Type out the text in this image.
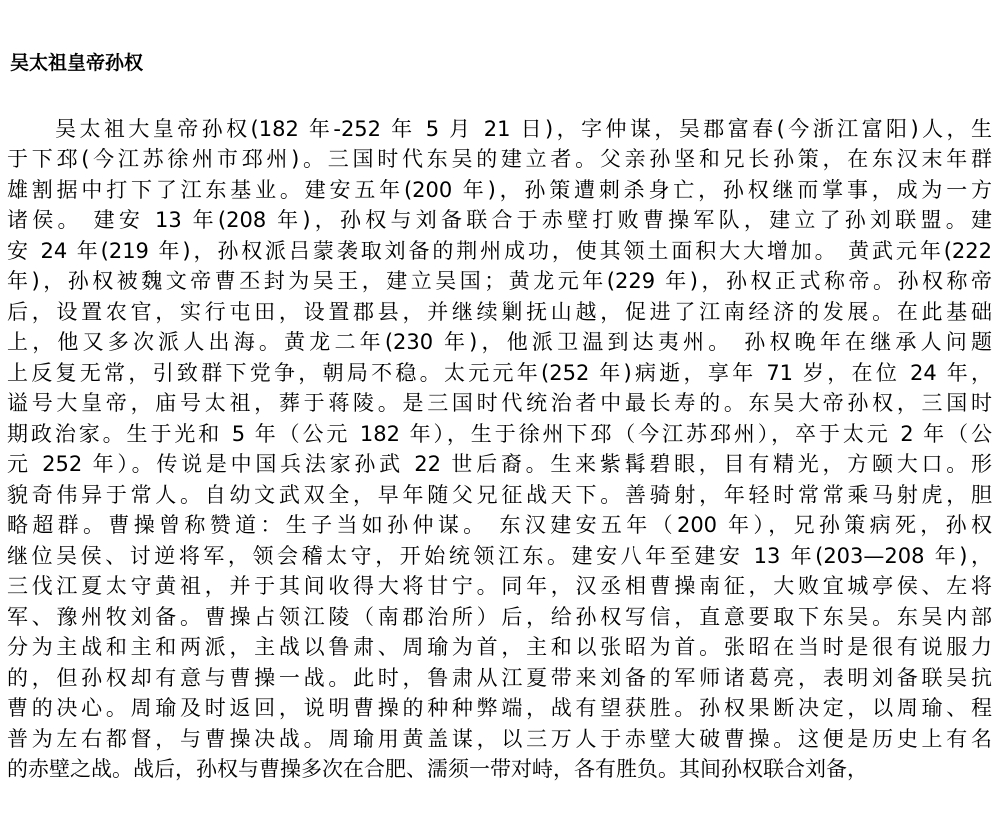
吴太祖皇帝孙权
吴太祖大皇帝孙权(182 年-252 年 5 月 21 日)，字仲谋，吴郡富春(今浙江富阳)人，生
于下邳(今江苏徐州市邳州)。三国时代东吴的建立者。父亲孙坚和兄长孙策，在东汉末年群
雄割据中打下了江东基业。建安五年(200 年)，孙策遭刺杀身亡，孙权继而掌事，成为一方
诸侯。 建安 13 年(208 年)，孙权与刘备联合于赤壁打败曹操军队，建立了孙刘联盟。建
安 24 年(219 年)，孙权派吕蒙袭取刘备的荆州成功，使其领土面积大大增加。 黄武元年(222
年)，孙权被魏文帝曹丕封为吴王，建立吴国；黄龙元年(229 年)，孙权正式称帝。孙权称帝
后，设置农官，实行屯田，设置郡县，并继续剿抚山越，促进了江南经济的发展。在此基础
上，他又多次派人出海。黄龙二年(230 年)，他派卫温到达夷州。 孙权晚年在继承人问题
上反复无常，引致群下党争，朝局不稳。太元元年(252 年)病逝，享年 71 岁，在位 24 年，
谥号大皇帝，庙号太祖，葬于蒋陵。是三国时代统治者中最长寿的。东吴大帝孙权，三国时
期政治家。生于光和 5 年（公元 182 年），生于徐州下邳（今江苏邳州），卒于太元 2 年（公
元 252 年）。传说是中国兵法家孙武 22 世后裔。生来紫髯碧眼，目有精光，方颐大口。形
貌奇伟异于常人。自幼文武双全，早年随父兄征战天下。善骑射，年轻时常常乘马射虎，胆
略超群。曹操曾称赞道：生子当如孙仲谋。 东汉建安五年（200 年），兄孙策病死，孙权
继位吴侯、讨逆将军，领会稽太守，开始统领江东。建安八年至建安 13 年(203—208 年)，
三伐江夏太守黄祖，并于其间收得大将甘宁。同年，汉丞相曹操南征，大败宜城亭侯、左将
军、豫州牧刘备。曹操占领江陵（南郡治所）后，给孙权写信，直意要取下东吴。东吴内部
分为主战和主和两派，主战以鲁肃、周瑜为首，主和以张昭为首。张昭在当时是很有说服力
的，但孙权却有意与曹操一战。此时，鲁肃从江夏带来刘备的军师诸葛亮，表明刘备联吴抗
曹的决心。周瑜及时返回，说明曹操的种种弊端，战有望获胜。孙权果断决定，以周瑜、程
普为左右都督，与曹操决战。周瑜用黄盖谋，以三万人于赤壁大破曹操。这便是历史上有名
的赤壁之战。战后，孙权与曹操多次在合肥、濡须一带对峙，各有胜负。其间孙权联合刘备，
